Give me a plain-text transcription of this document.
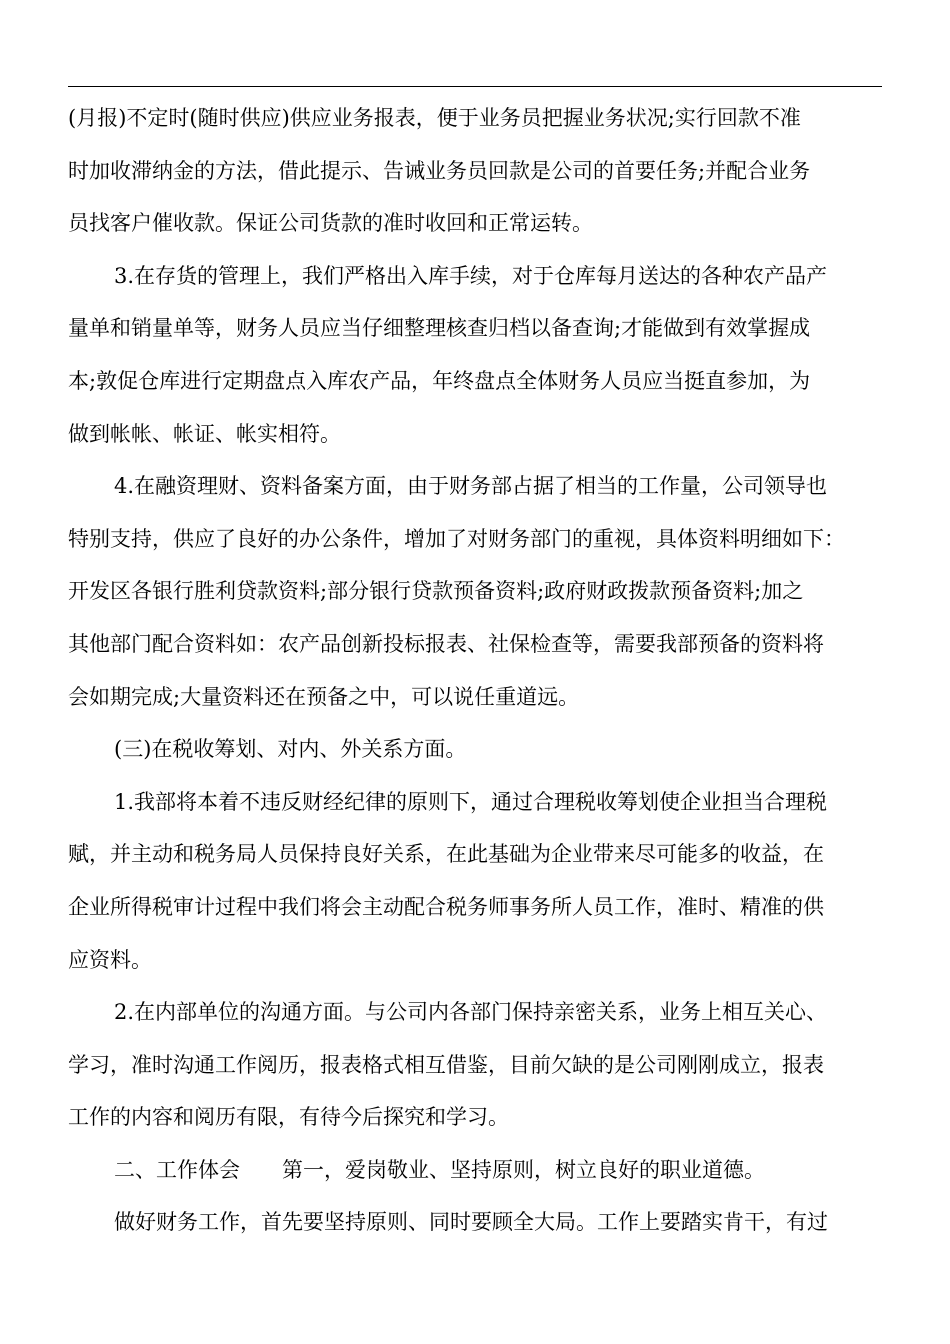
(月报)不定时(随时供应)供应业务报表，便于业务员把握业务状况;实行回款不准
时加收滞纳金的方法，借此提示、告诫业务员回款是公司的首要任务;并配合业务
员找客户催收款。保证公司货款的准时收回和正常运转。
3.在存货的管理上，我们严格出入库手续，对于仓库每月送达的各种农产品产
量单和销量单等，财务人员应当仔细整理核查归档以备查询;才能做到有效掌握成
本;敦促仓库进行定期盘点入库农产品，年终盘点全体财务人员应当挺直参加，为
做到帐帐、帐证、帐实相符。
4.在融资理财、资料备案方面，由于财务部占据了相当的工作量，公司领导也
特别支持，供应了良好的办公条件，增加了对财务部门的重视，具体资料明细如下：
开发区各银行胜利贷款资料;部分银行贷款预备资料;政府财政拨款预备资料;加之
其他部门配合资料如：农产品创新投标报表、社保检查等，需要我部预备的资料将
会如期完成;大量资料还在预备之中，可以说任重道远。
(三)在税收筹划、对内、外关系方面。
1.我部将本着不违反财经纪律的原则下，通过合理税收筹划使企业担当合理税
赋，并主动和税务局人员保持良好关系，在此基础为企业带来尽可能多的收益，在
企业所得税审计过程中我们将会主动配合税务师事务所人员工作，准时、精准的供
应资料。
2.在内部单位的沟通方面。与公司内各部门保持亲密关系，业务上相互关心、
学习，准时沟通工作阅历，报表格式相互借鉴，目前欠缺的是公司刚刚成立，报表
工作的内容和阅历有限，有待今后探究和学习。
二、工作体会 第一，爱岗敬业、坚持原则，树立良好的职业道德。
做好财务工作，首先要坚持原则、同时要顾全大局。工作上要踏实肯干，有过
